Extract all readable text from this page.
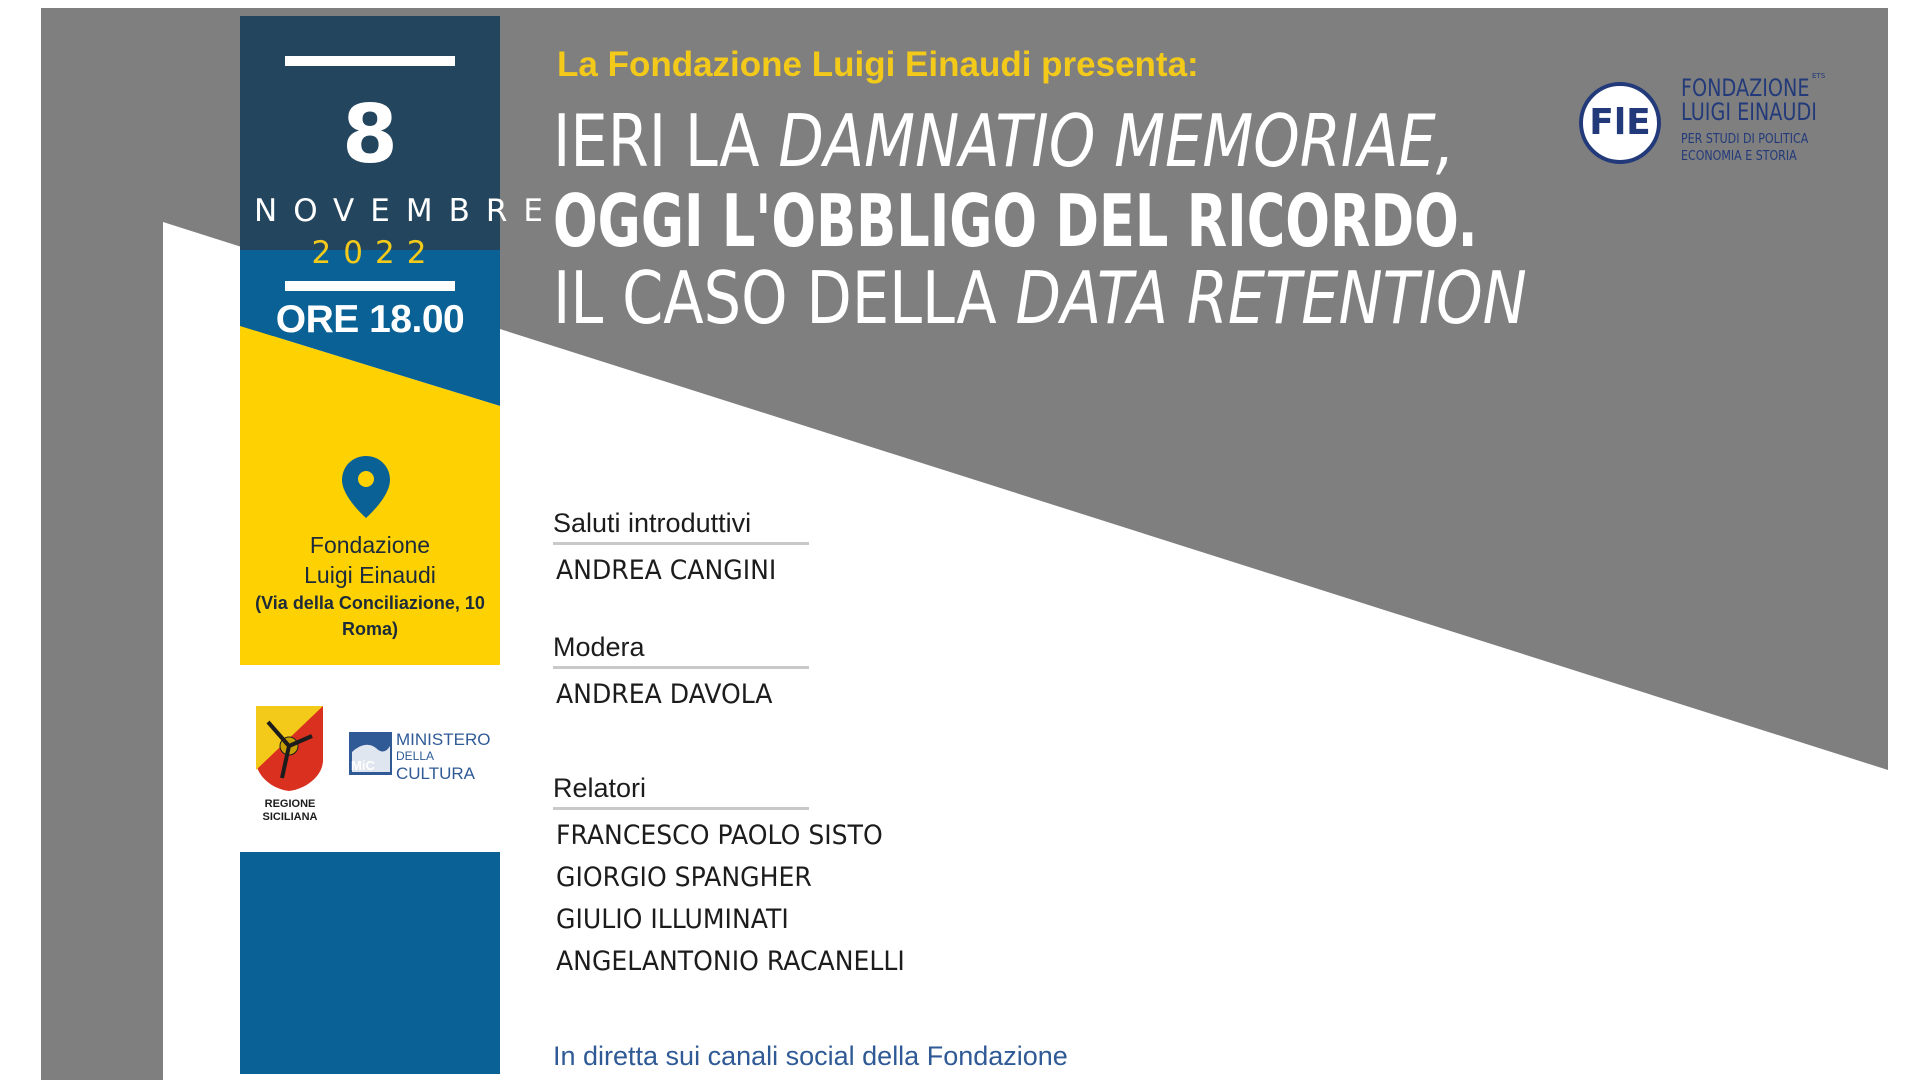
8
NOVEMBRE
2022
ORE 18.00
Fondazione
Luigi Einaudi
(Via della Conciliazione, 10
Roma)
REGIONE
SICILIANA
MiC
MINISTERO
DELLA
CULTURA
La Fondazione Luigi Einaudi presenta:
IERI LA DAMNATIO MEMORIAE,
OGGI L'OBBLIGO DEL RICORDO.
IL CASO DELLA DATA RETENTION
FlE
ETS
FONDAZIONE
LUIGI EINAUDI
PER STUDI DI POLITICA
ECONOMIA E STORIA
Saluti introduttivi
ANDREA CANGINI
Modera
ANDREA DAVOLA
Relatori
FRANCESCO PAOLO SISTO
GIORGIO SPANGHER
GIULIO ILLUMINATI
ANGELANTONIO RACANELLI
In diretta sui canali social della Fondazione
